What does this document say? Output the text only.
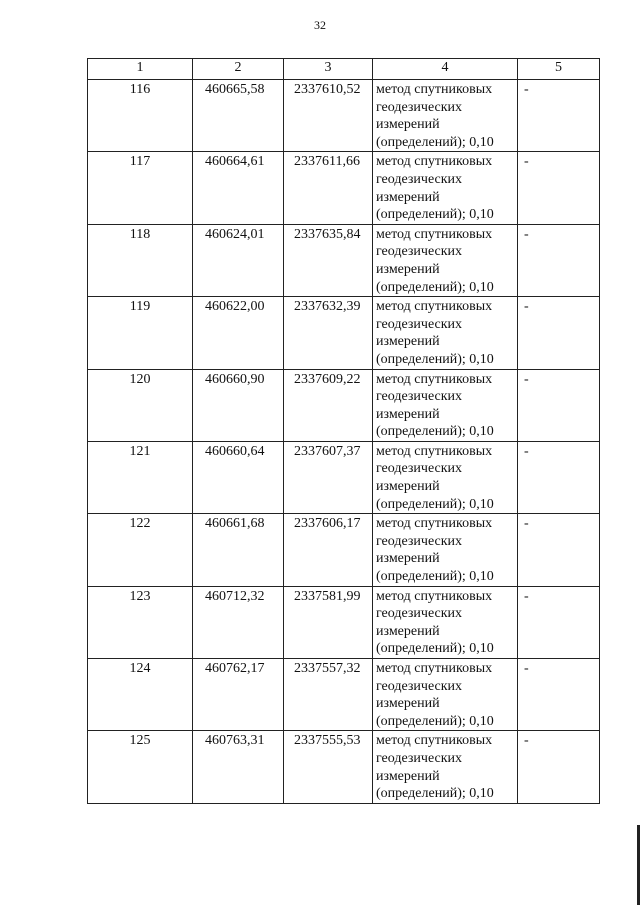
32
1	2	3	4	5
116	460665,58	2337610,52	метод спутниковых
геодезических
измерений
(определений); 0,10	-
117	460664,61	2337611,66	метод спутниковых
геодезических
измерений
(определений); 0,10	-
118	460624,01	2337635,84	метод спутниковых
геодезических
измерений
(определений); 0,10	-
119	460622,00	2337632,39	метод спутниковых
геодезических
измерений
(определений); 0,10	-
120	460660,90	2337609,22	метод спутниковых
геодезических
измерений
(определений); 0,10	-
121	460660,64	2337607,37	метод спутниковых
геодезических
измерений
(определений); 0,10	-
122	460661,68	2337606,17	метод спутниковых
геодезических
измерений
(определений); 0,10	-
123	460712,32	2337581,99	метод спутниковых
геодезических
измерений
(определений); 0,10	-
124	460762,17	2337557,32	метод спутниковых
геодезических
измерений
(определений); 0,10	-
125	460763,31	2337555,53	метод спутниковых
геодезических
измерений
(определений); 0,10	-
